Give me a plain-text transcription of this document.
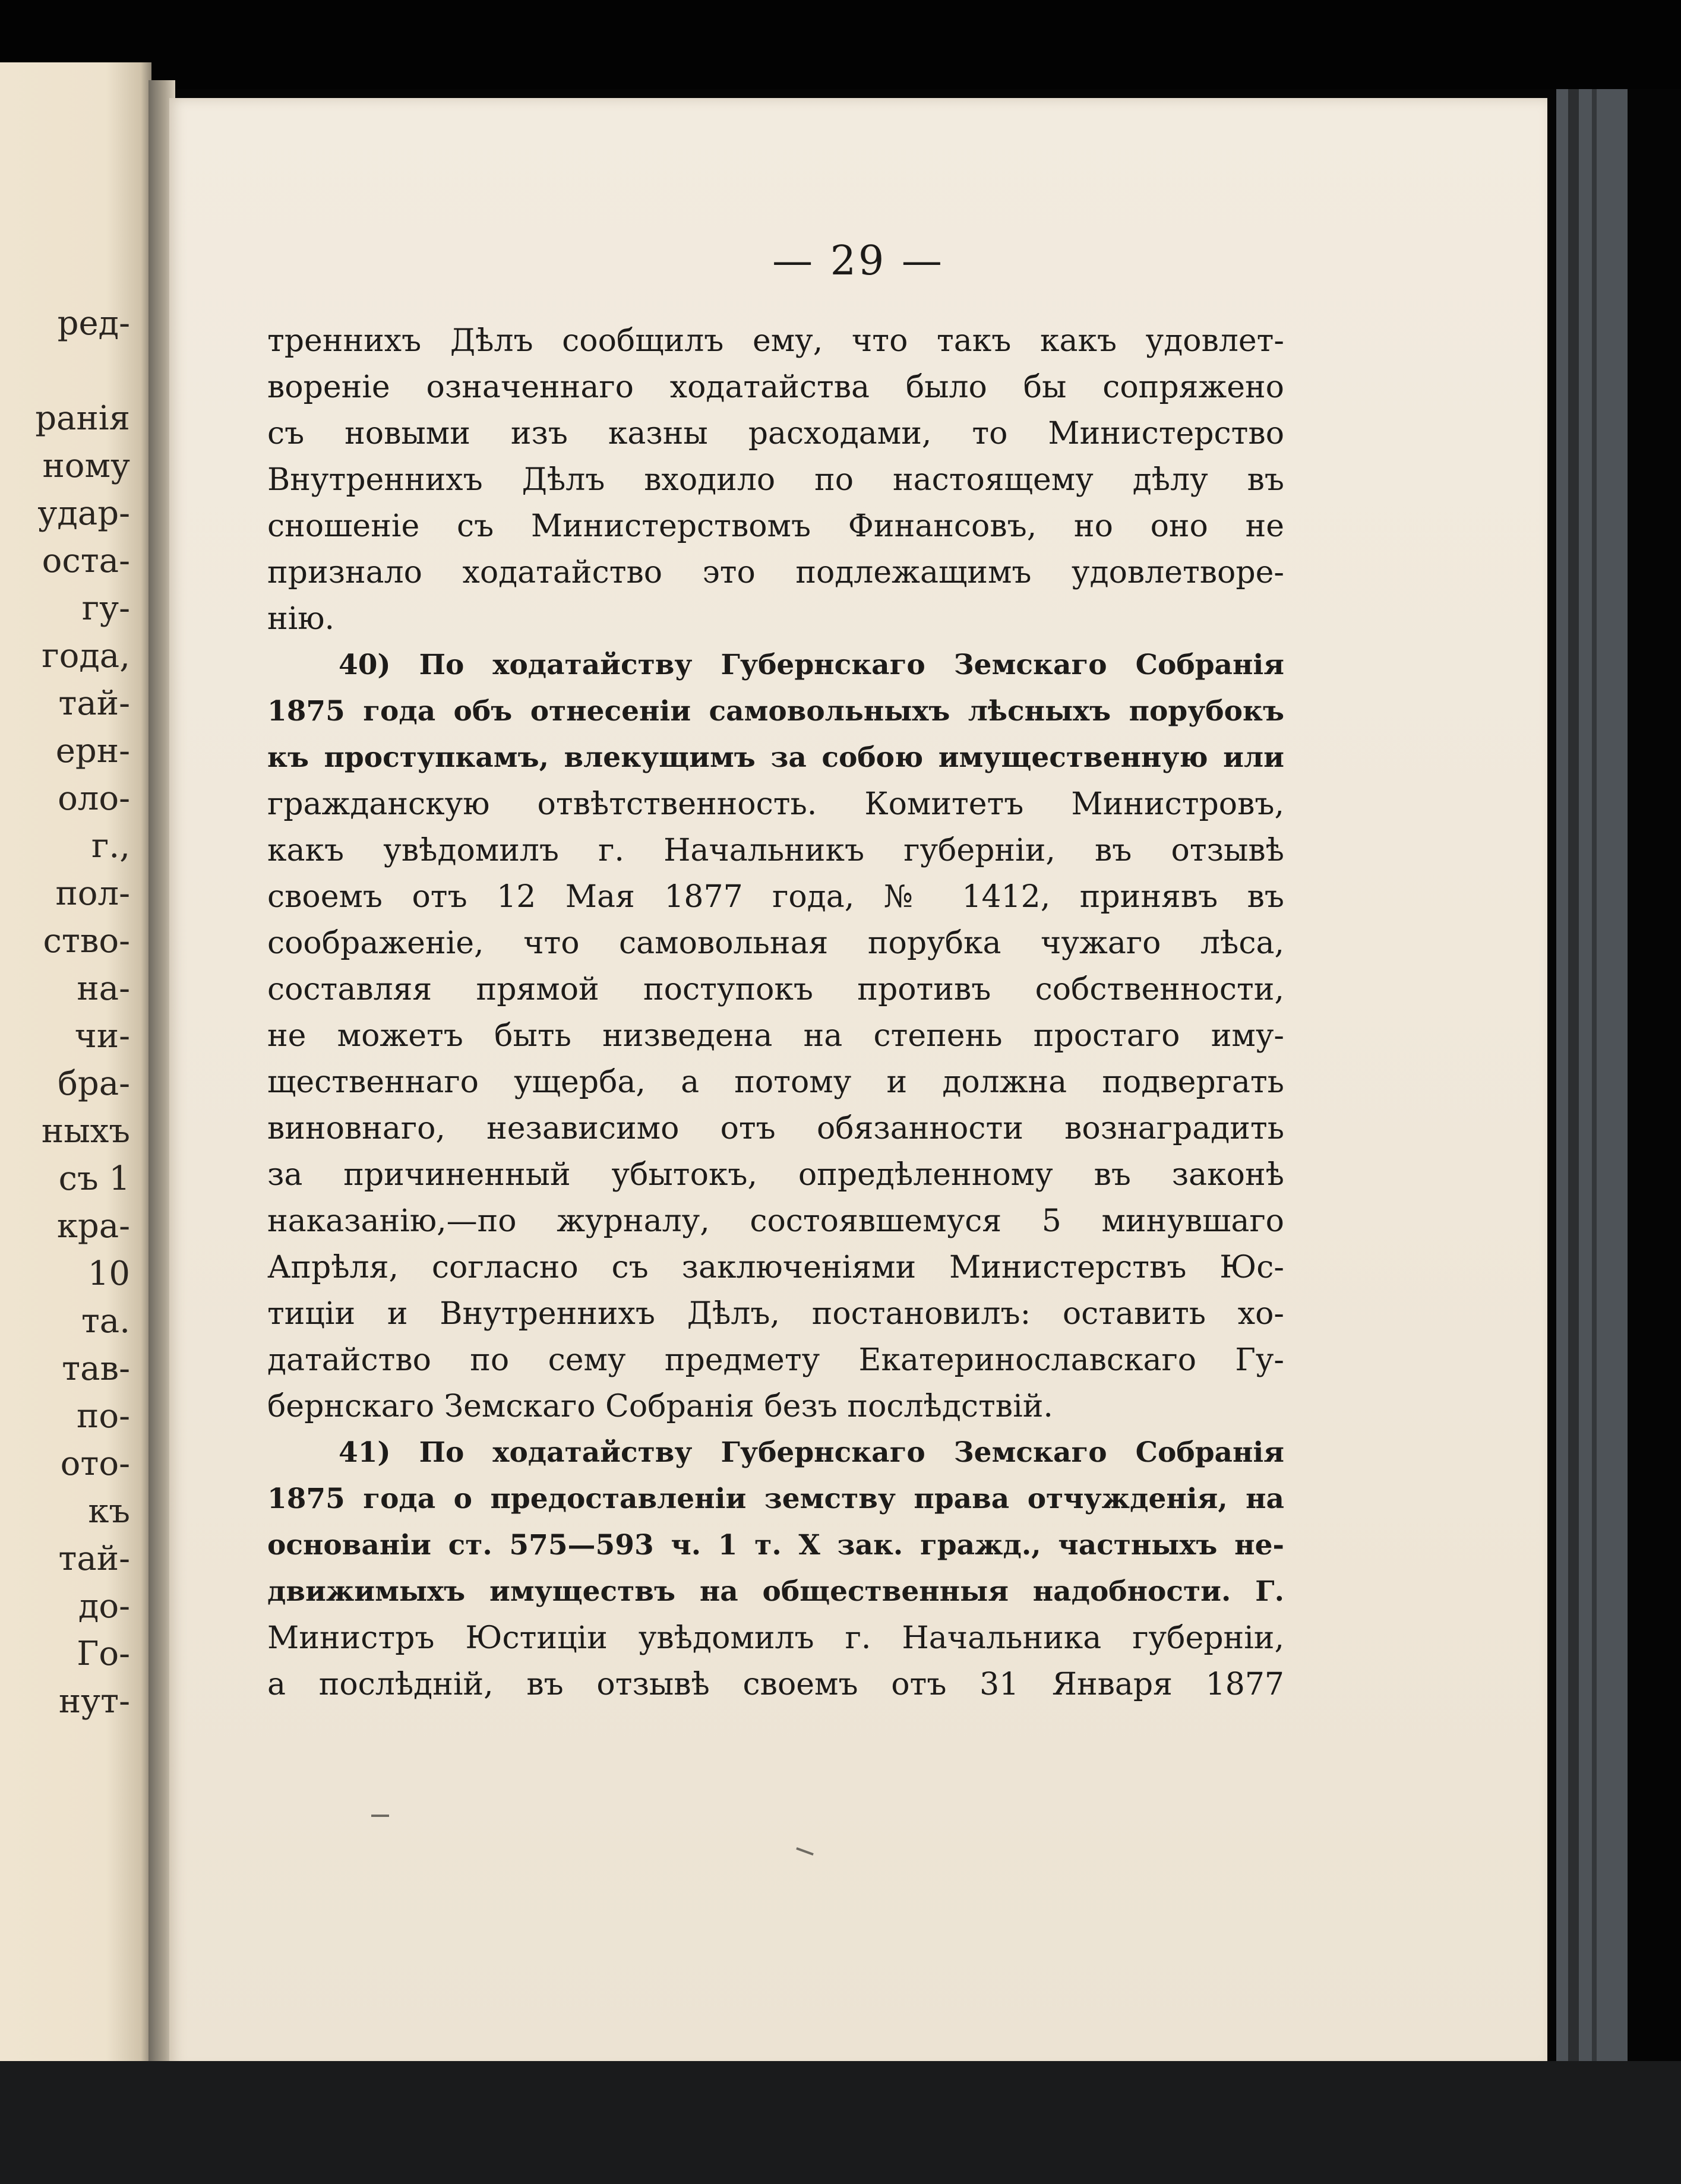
ред-
ранія
ному
удар-
оста-
гу-
года,
тай-
ерн-
оло-
г.,
пол-
ство-
на-
чи-
бра-
ныхъ
съ 1
кра-
10
та.
тав-
по-
ото-
къ
тай-
до-
Го-
нут-
— 29 —
треннихъ Дѣлъ сообщилъ ему, что такъ какъ удовлет-
вореніе означеннаго ходатайства было бы сопряжено
съ новыми изъ казны расходами, то Министерство
Внутреннихъ Дѣлъ входило по настоящему дѣлу въ
сношеніе съ Министерствомъ Финансовъ, но оно не
признало ходатайство это подлежащимъ удовлетворе-
нію.
40) По ходатайству Губернскаго Земскаго Собранія
1875 года объ отнесеніи самовольныхъ лѣсныхъ порубокъ
къ проступкамъ, влекущимъ за собою имущественную или
гражданскую отвѣтственность. Комитетъ Министровъ,
какъ увѣдомилъ г. Начальникъ губерніи, въ отзывѣ
своемъ отъ 12 Мая 1877 года, № 1412, принявъ въ
соображеніе, что самовольная порубка чужаго лѣса,
составляя прямой поступокъ противъ собственности,
не можетъ быть низведена на степень простаго иму-
щественнаго ущерба, а потому и должна подвергать
виновнаго, независимо отъ обязанности вознаградить
за причиненный убытокъ, опредѣленному въ законѣ
наказанію,—по журналу, состоявшемуся 5 минувшаго
Апрѣля, согласно съ заключеніями Министерствъ Юс-
тиціи и Внутреннихъ Дѣлъ, постановилъ: оставить хо-
датайство по сему предмету Екатеринославскаго Гу-
бернскаго Земскаго Собранія безъ послѣдствій.
41) По ходатайству Губернскаго Земскаго Собранія
1875 года о предоставленіи земству права отчужденія, на
основаніи ст. 575—593 ч. 1 т. X зак. гражд., частныхъ не-
движимыхъ имуществъ на общественныя надобности. Г.
Министръ Юстиціи увѣдомилъ г. Начальника губерніи,
а послѣдній, въ отзывѣ своемъ отъ 31 Января 1877
